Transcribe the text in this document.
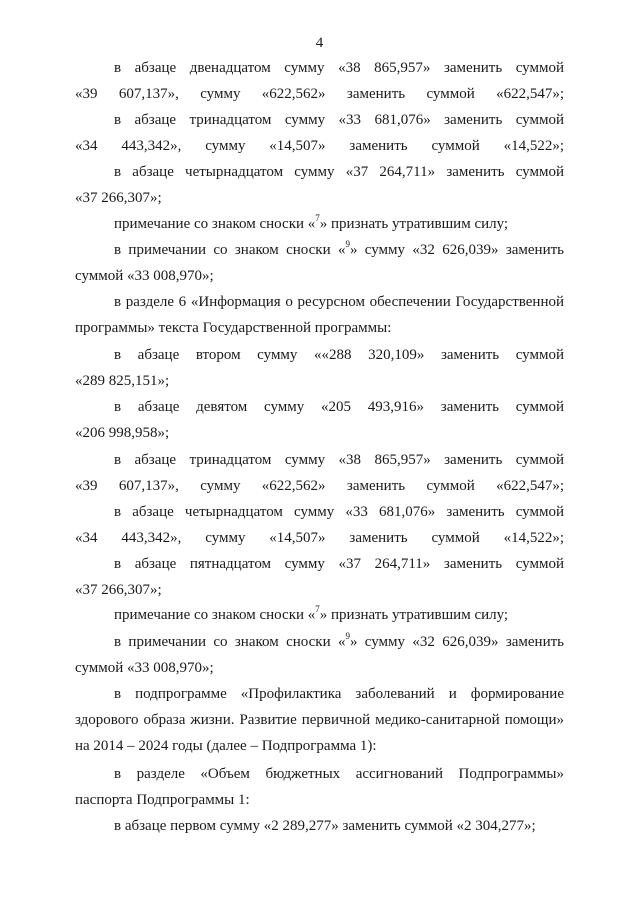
4
в абзаце двенадцатом сумму «38 865,957» заменить суммой
«39 607,137», сумму «622,562» заменить суммой «622,547»;
в абзаце тринадцатом сумму «33 681,076» заменить суммой
«34 443,342», сумму «14,507» заменить суммой «14,522»;
в абзаце четырнадцатом сумму «37 264,711» заменить суммой
«37 266,307»;
примечание со знаком сноски «$^7$» признать утратившим силу;
в примечании со знаком сноски «$^9$» сумму «32 626,039» заменить
суммой «33 008,970»;
в разделе 6 «Информация о ресурсном обеспечении Государственной
программы» текста Государственной программы:
в абзаце втором сумму ««288 320,109» заменить суммой
«289 825,151»;
в абзаце девятом сумму «205 493,916» заменить суммой
«206 998,958»;
в абзаце тринадцатом сумму «38 865,957» заменить суммой
«39 607,137», сумму «622,562» заменить суммой «622,547»;
в абзаце четырнадцатом сумму «33 681,076» заменить суммой
«34 443,342», сумму «14,507» заменить суммой «14,522»;
в абзаце пятнадцатом сумму «37 264,711» заменить суммой
«37 266,307»;
примечание со знаком сноски «$^7$» признать утратившим силу;
в примечании со знаком сноски «$^9$» сумму «32 626,039» заменить
суммой «33 008,970»;
в подпрограмме «Профилактика заболеваний и формирование
здорового образа жизни. Развитие первичной медико-санитарной помощи»
на 2014 – 2024 годы (далее – Подпрограмма 1):
в разделе «Объем бюджетных ассигнований Подпрограммы»
паспорта Подпрограммы 1:
в абзаце первом сумму «2 289,277» заменить суммой «2 304,277»;
